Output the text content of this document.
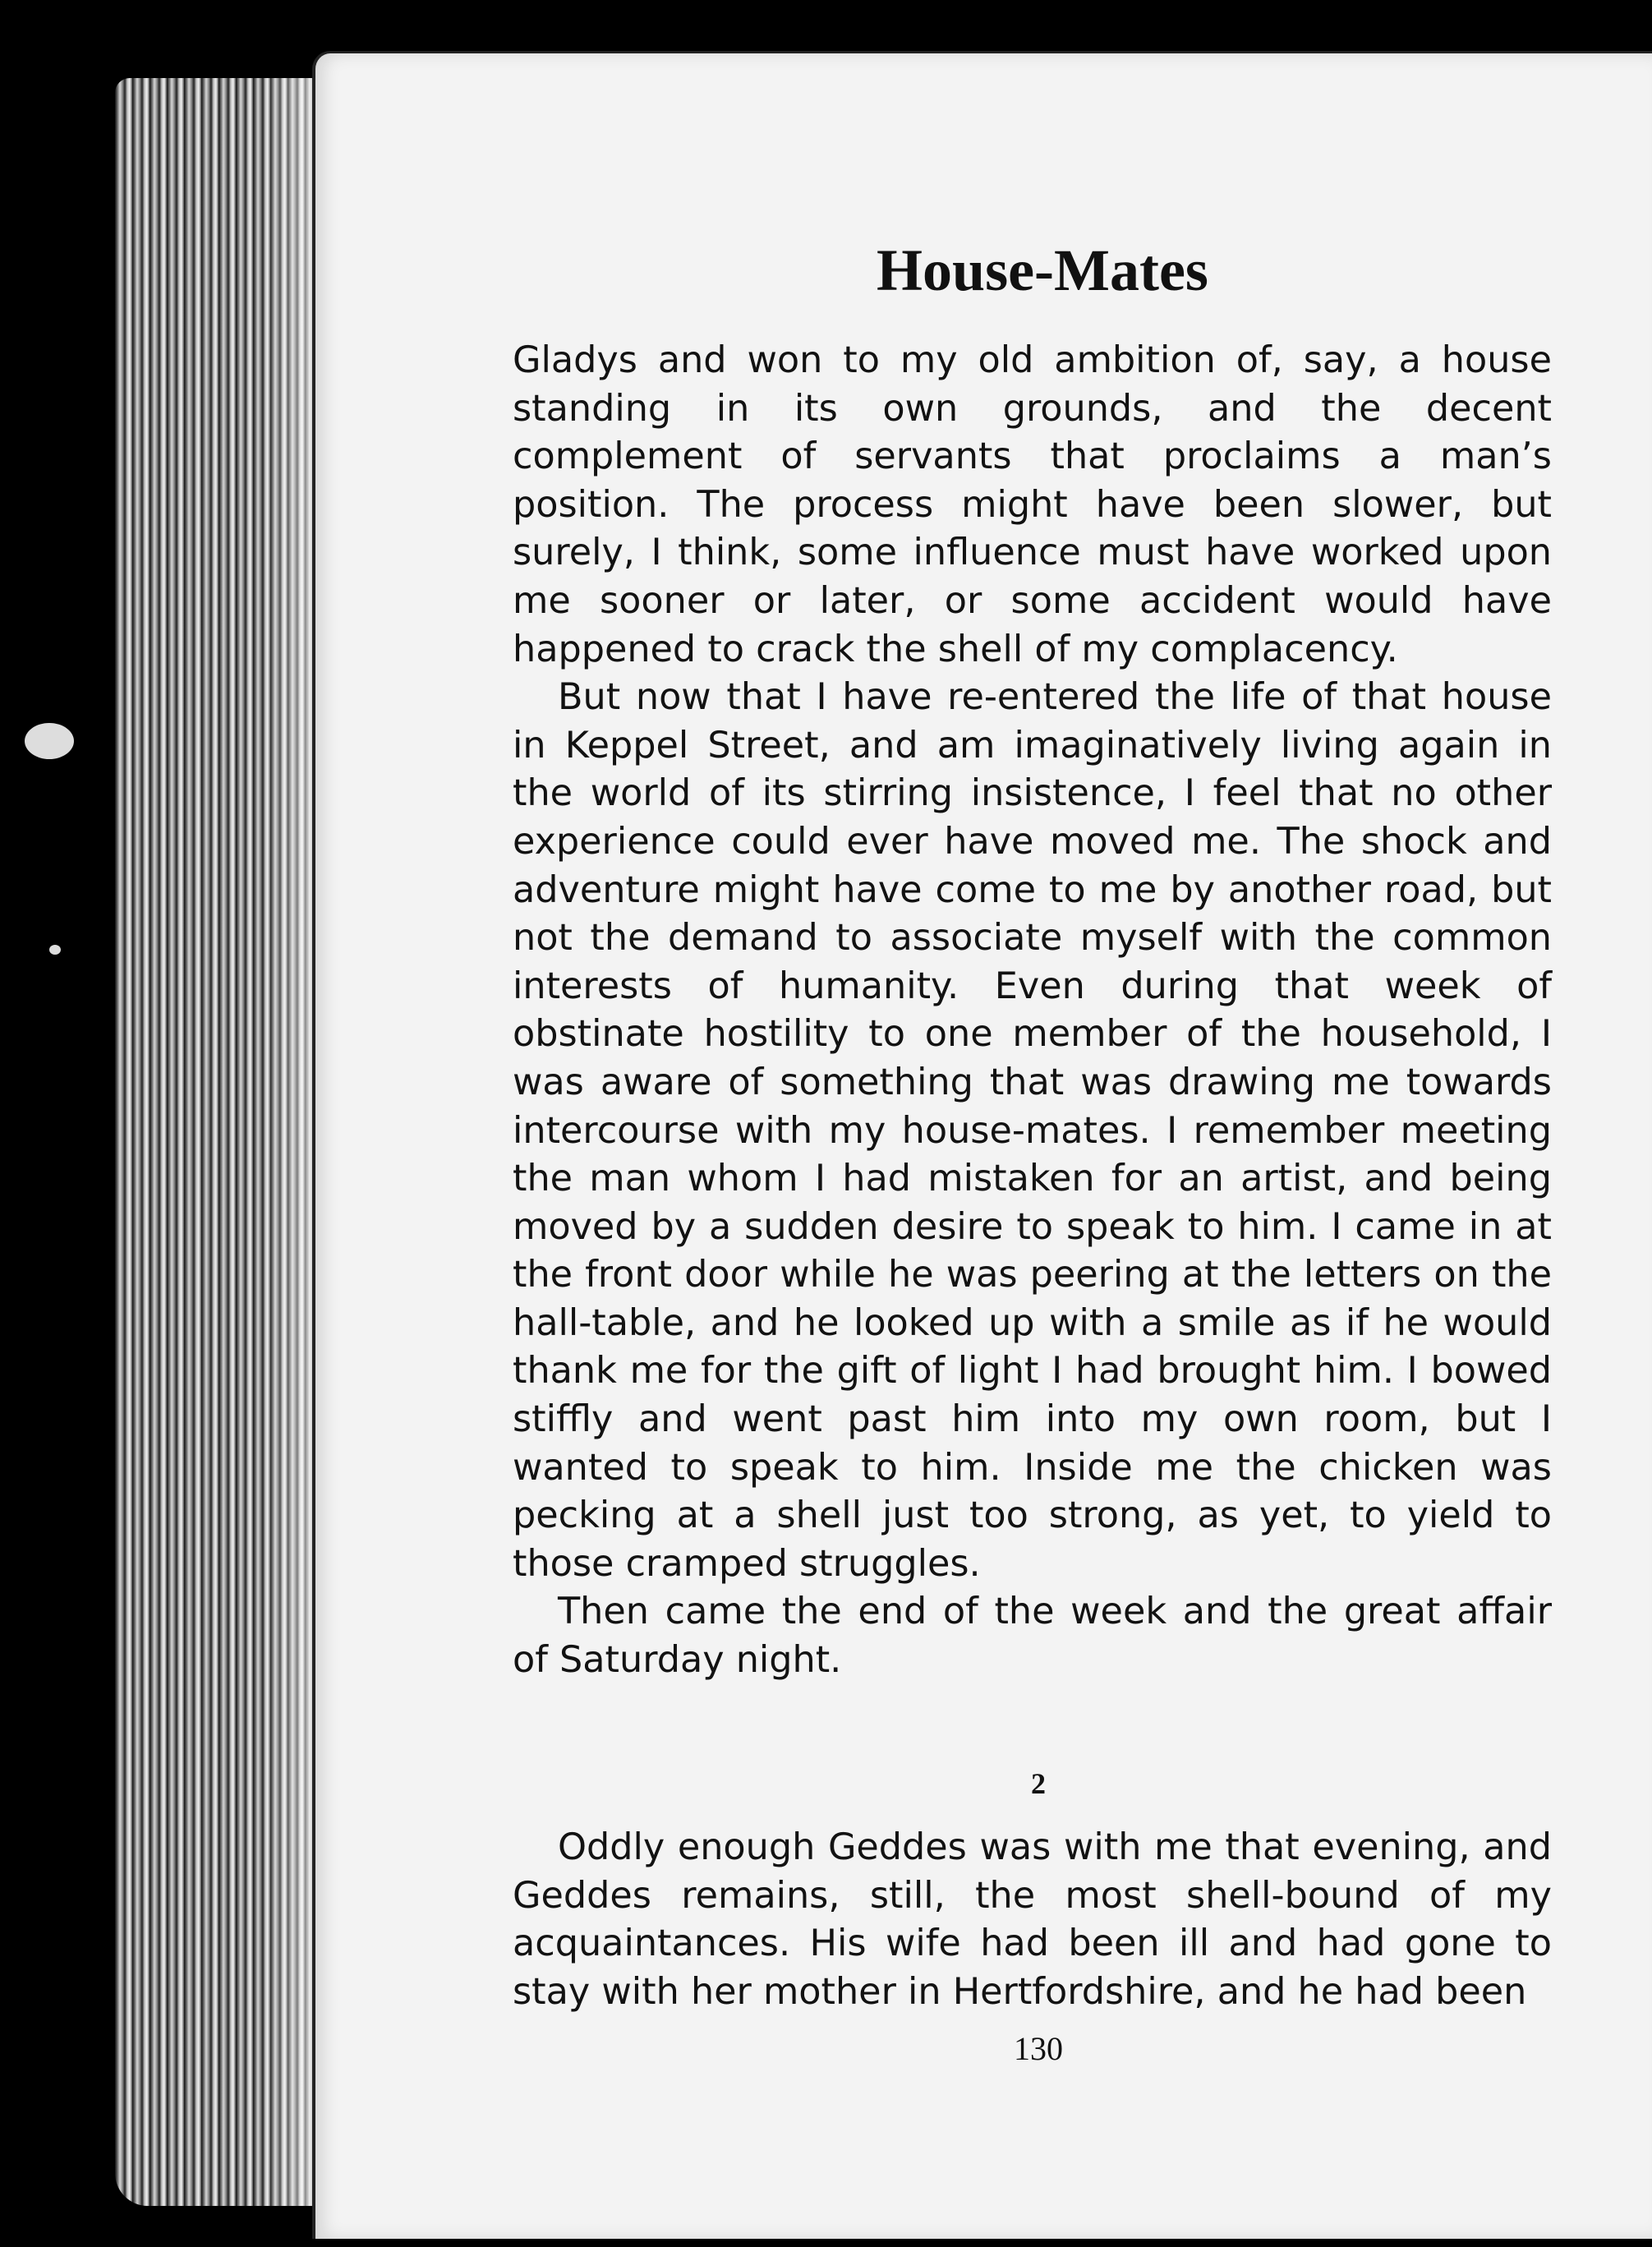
House-Mates

Gladys and won to my old ambition of, say, a house standing in its own grounds, and the decent complement of servants that proclaims a man’s position. The process might have been slower, but surely, I think, some influence must have worked upon me sooner or later, or some accident would have happened to crack the shell of my complacency.

But now that I have re-entered the life of that house in Keppel Street, and am imaginatively living again in the world of its stirring insistence, I feel that no other experience could ever have moved me. The shock and adventure might have come to me by another road, but not the demand to associate myself with the common interests of humanity. Even during that week of obstinate hostility to one member of the household, I was aware of something that was drawing me towards intercourse with my house-mates. I remember meeting the man whom I had mistaken for an artist, and being moved by a sudden desire to speak to him. I came in at the front door while he was peering at the letters on the hall-table, and he looked up with a smile as if he would thank me for the gift of light I had brought him. I bowed stiffly and went past him into my own room, but I wanted to speak to him. Inside me the chicken was pecking at a shell just too strong, as yet, to yield to those cramped struggles.

Then came the end of the week and the great affair of Saturday night.

2

Oddly enough Geddes was with me that evening, and Geddes remains, still, the most shell-bound of my acquaintances. His wife had been ill and had gone to stay with her mother in Hertfordshire, and he had been

130
